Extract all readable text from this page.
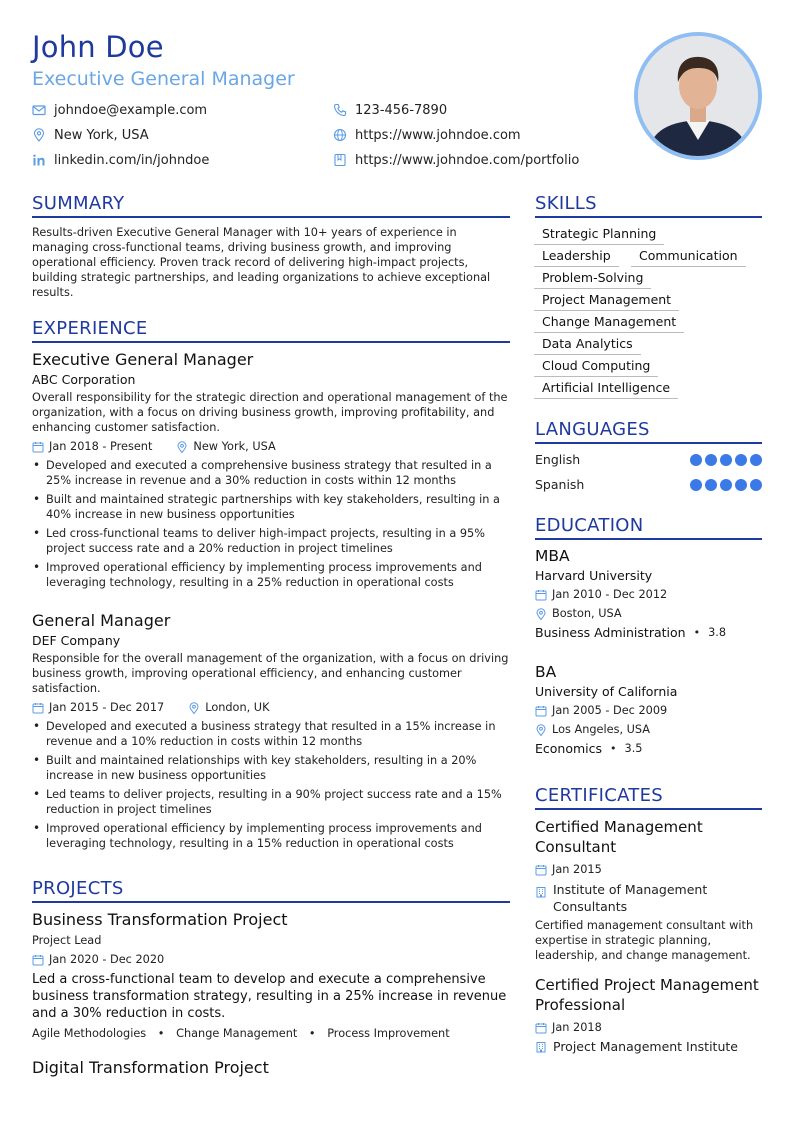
John Doe
Executive General Manager
johndoe@example.com	123-456-7890
New York, USA	https://www.johndoe.com
linkedin.com/in/johndoe	https://www.johndoe.com/portfolio
SUMMARY
Results-driven Executive General Manager with 10+ years of experience in managing cross-functional teams, driving business growth, and improving operational efficiency. Proven track record of delivering high-impact projects, building strategic partnerships, and leading organizations to achieve exceptional results.
EXPERIENCE
Executive General Manager
ABC Corporation
Overall responsibility for the strategic direction and operational management of the organization, with a focus on driving business growth, improving profitability, and enhancing customer satisfaction.
Jan 2018 - Present	New York, USA
• Developed and executed a comprehensive business strategy that resulted in a 25% increase in revenue and a 30% reduction in costs within 12 months
• Built and maintained strategic partnerships with key stakeholders, resulting in a 40% increase in new business opportunities
• Led cross-functional teams to deliver high-impact projects, resulting in a 95% project success rate and a 20% reduction in project timelines
• Improved operational efficiency by implementing process improvements and leveraging technology, resulting in a 25% reduction in operational costs
General Manager
DEF Company
Responsible for the overall management of the organization, with a focus on driving business growth, improving operational efficiency, and enhancing customer satisfaction.
Jan 2015 - Dec 2017	London, UK
• Developed and executed a business strategy that resulted in a 15% increase in revenue and a 10% reduction in costs within 12 months
• Built and maintained relationships with key stakeholders, resulting in a 20% increase in new business opportunities
• Led teams to deliver projects, resulting in a 90% project success rate and a 15% reduction in project timelines
• Improved operational efficiency by implementing process improvements and leveraging technology, resulting in a 15% reduction in operational costs
PROJECTS
Business Transformation Project
Project Lead
Jan 2020 - Dec 2020
Led a cross-functional team to develop and execute a comprehensive business transformation strategy, resulting in a 25% increase in revenue and a 30% reduction in costs.
Agile Methodologies • Change Management • Process Improvement
Digital Transformation Project
SKILLS
Strategic Planning
Leadership	Communication
Problem-Solving
Project Management
Change Management
Data Analytics
Cloud Computing
Artificial Intelligence
LANGUAGES
English
Spanish
EDUCATION
MBA
Harvard University
Jan 2010 - Dec 2012
Boston, USA
Business Administration • 3.8
BA
University of California
Jan 2005 - Dec 2009
Los Angeles, USA
Economics • 3.5
CERTIFICATES
Certified Management Consultant
Jan 2015
Institute of Management Consultants
Certified management consultant with expertise in strategic planning, leadership, and change management.
Certified Project Management Professional
Jan 2018
Project Management Institute
